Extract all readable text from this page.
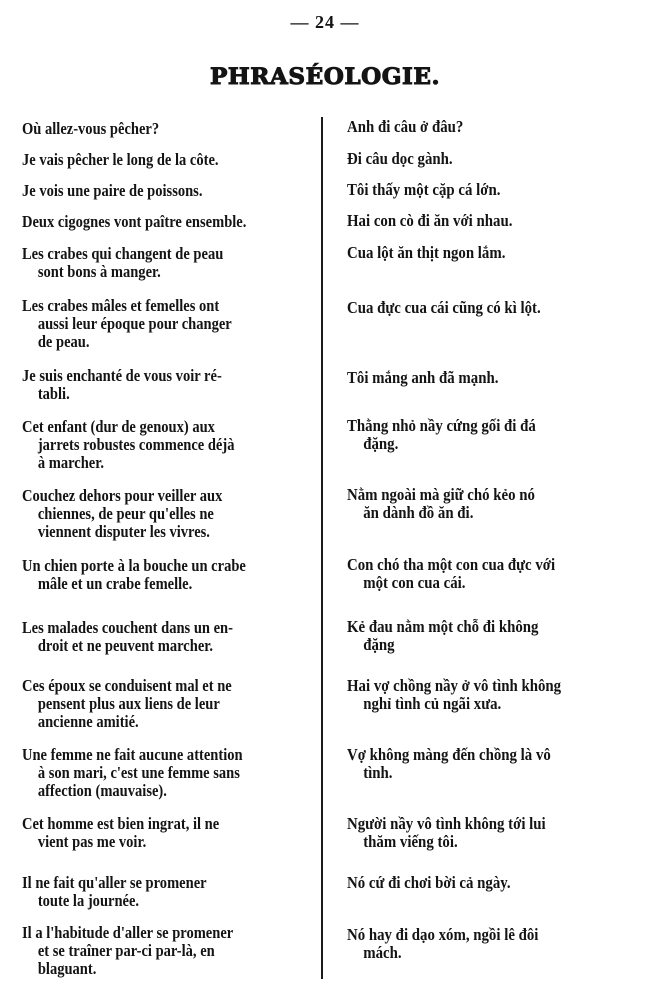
— 24 —
PHRASÉOLOGIE.
Où allez-vous pêcher?
Je vais pêcher le long de la côte.
Je vois une paire de poissons.
Deux cigognes vont paître ensemble.
Les crabes qui changent de peau
sont bons à manger.
Les crabes mâles et femelles ont
aussi leur époque pour changer
de peau.
Je suis enchanté de vous voir ré-
tabli.
Cet enfant (dur de genoux) aux
jarrets robustes commence déjà
à marcher.
Couchez dehors pour veiller aux
chiennes, de peur qu'elles ne
viennent disputer les vivres.
Un chien porte à la bouche un crabe
mâle et un crabe femelle.
Les malades couchent dans un en-
droit et ne peuvent marcher.
Ces époux se conduisent mal et ne
pensent plus aux liens de leur
ancienne amitié.
Une femme ne fait aucune attention
à son mari, c'est une femme sans
affection (mauvaise).
Cet homme est bien ingrat, il ne
vient pas me voir.
Il ne fait qu'aller se promener
toute la journée.
Il a l'habitude d'aller se promener
et se traîner par-ci par-là, en
blaguant.
Anh đi câu ở đâu?
Đi câu dọc gành.
Tôi thấy một cặp cá lớn.
Hai con cò đi ăn với nhau.
Cua lột ăn thịt ngon lắm.
Cua đực cua cái cũng có kì lột.
Tôi mắng anh đã mạnh.
Thằng nhỏ nầy cứng gối đi đá
đặng.
Nằm ngoài mà giữ chó kẻo nó
ăn dành đồ ăn đi.
Con chó tha một con cua đực với
một con cua cái.
Kẻ đau nằm một chỗ đi không
đặng
Hai vợ chồng nầy ở vô tình không
nghỉ tình củ ngãi xưa.
Vợ không màng đến chồng là vô
tình.
Người nầy vô tình không tới lui
thăm viếng tôi.
Nó cứ đi chơi bời cả ngày.
Nó hay đi dạo xóm, ngồi lê đôi
mách.
